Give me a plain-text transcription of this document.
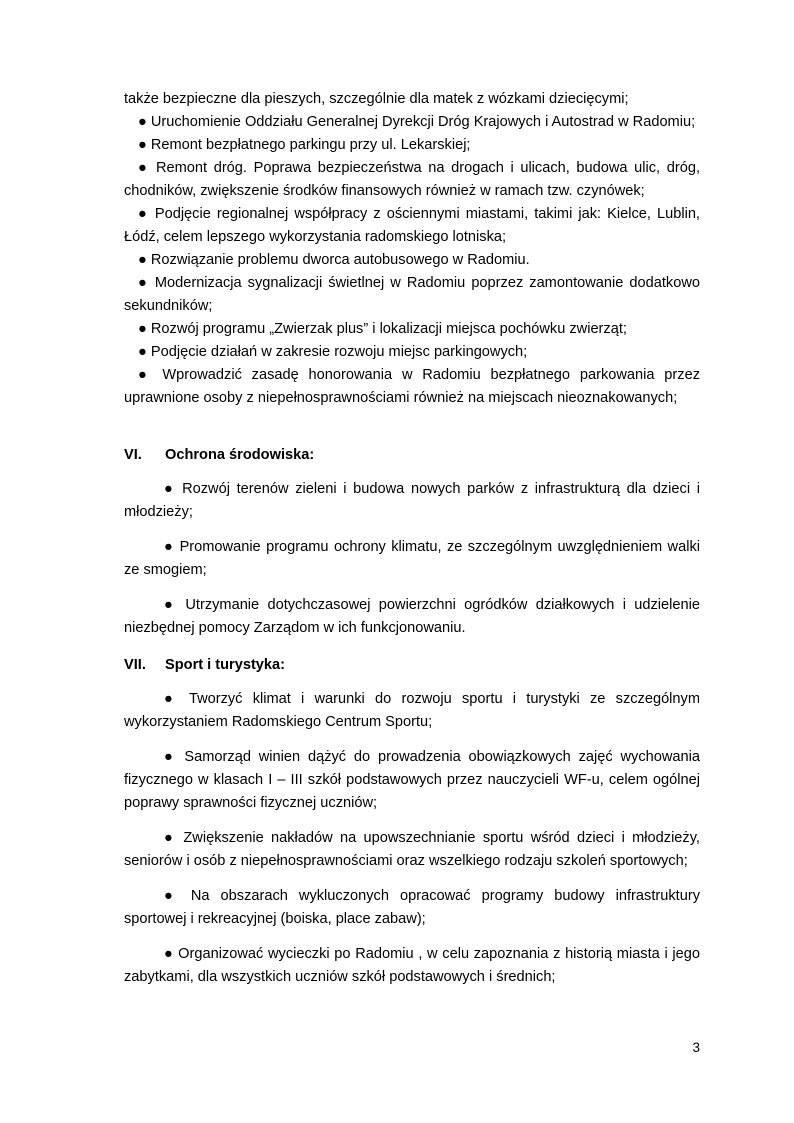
także bezpieczne dla pieszych, szczególnie dla matek z wózkami dziecięcymi;

● Uruchomienie Oddziału Generalnej Dyrekcji Dróg Krajowych i Autostrad w Radomiu;

● Remont bezpłatnego parkingu przy ul. Lekarskiej;

● Remont dróg. Poprawa bezpieczeństwa na drogach i ulicach, budowa ulic, dróg, chodników, zwiększenie środków finansowych również w ramach tzw. czynówek;

● Podjęcie regionalnej współpracy z ościennymi miastami, takimi jak: Kielce, Lublin, Łódź, celem lepszego wykorzystania radomskiego lotniska;

● Rozwiązanie problemu dworca autobusowego w Radomiu.

● Modernizacja sygnalizacji świetlnej w Radomiu poprzez zamontowanie dodatkowo sekundników;

● Rozwój programu „Zwierzak plus” i lokalizacji miejsca pochówku zwierząt;

● Podjęcie działań w zakresie rozwoju miejsc parkingowych;

● Wprowadzić zasadę honorowania w Radomiu bezpłatnego parkowania przez uprawnione osoby z niepełnosprawnościami również na miejscach nieoznakowanych;

VI. Ochrona środowiska:

● Rozwój terenów zieleni i budowa nowych parków z infrastrukturą dla dzieci i młodzieży;

● Promowanie programu ochrony klimatu, ze szczególnym uwzględnieniem walki ze smogiem;

● Utrzymanie dotychczasowej powierzchni ogródków działkowych i udzielenie niezbędnej pomocy Zarządom w ich funkcjonowaniu.

VII. Sport i turystyka:

● Tworzyć klimat i warunki do rozwoju sportu i turystyki ze szczególnym wykorzystaniem Radomskiego Centrum Sportu;

● Samorząd winien dążyć do prowadzenia obowiązkowych zajęć wychowania fizycznego w klasach I – III szkół podstawowych przez nauczycieli WF-u, celem ogólnej poprawy sprawności fizycznej uczniów;

● Zwiększenie nakładów na upowszechnianie sportu wśród dzieci i młodzieży, seniorów i osób z niepełnosprawnościami oraz wszelkiego rodzaju szkoleń sportowych;

● Na obszarach wykluczonych opracować programy budowy infrastruktury sportowej i rekreacyjnej (boiska, place zabaw);

● Organizować wycieczki po Radomiu , w celu zapoznania z historią miasta i jego zabytkami, dla wszystkich uczniów szkół podstawowych i średnich;

3
